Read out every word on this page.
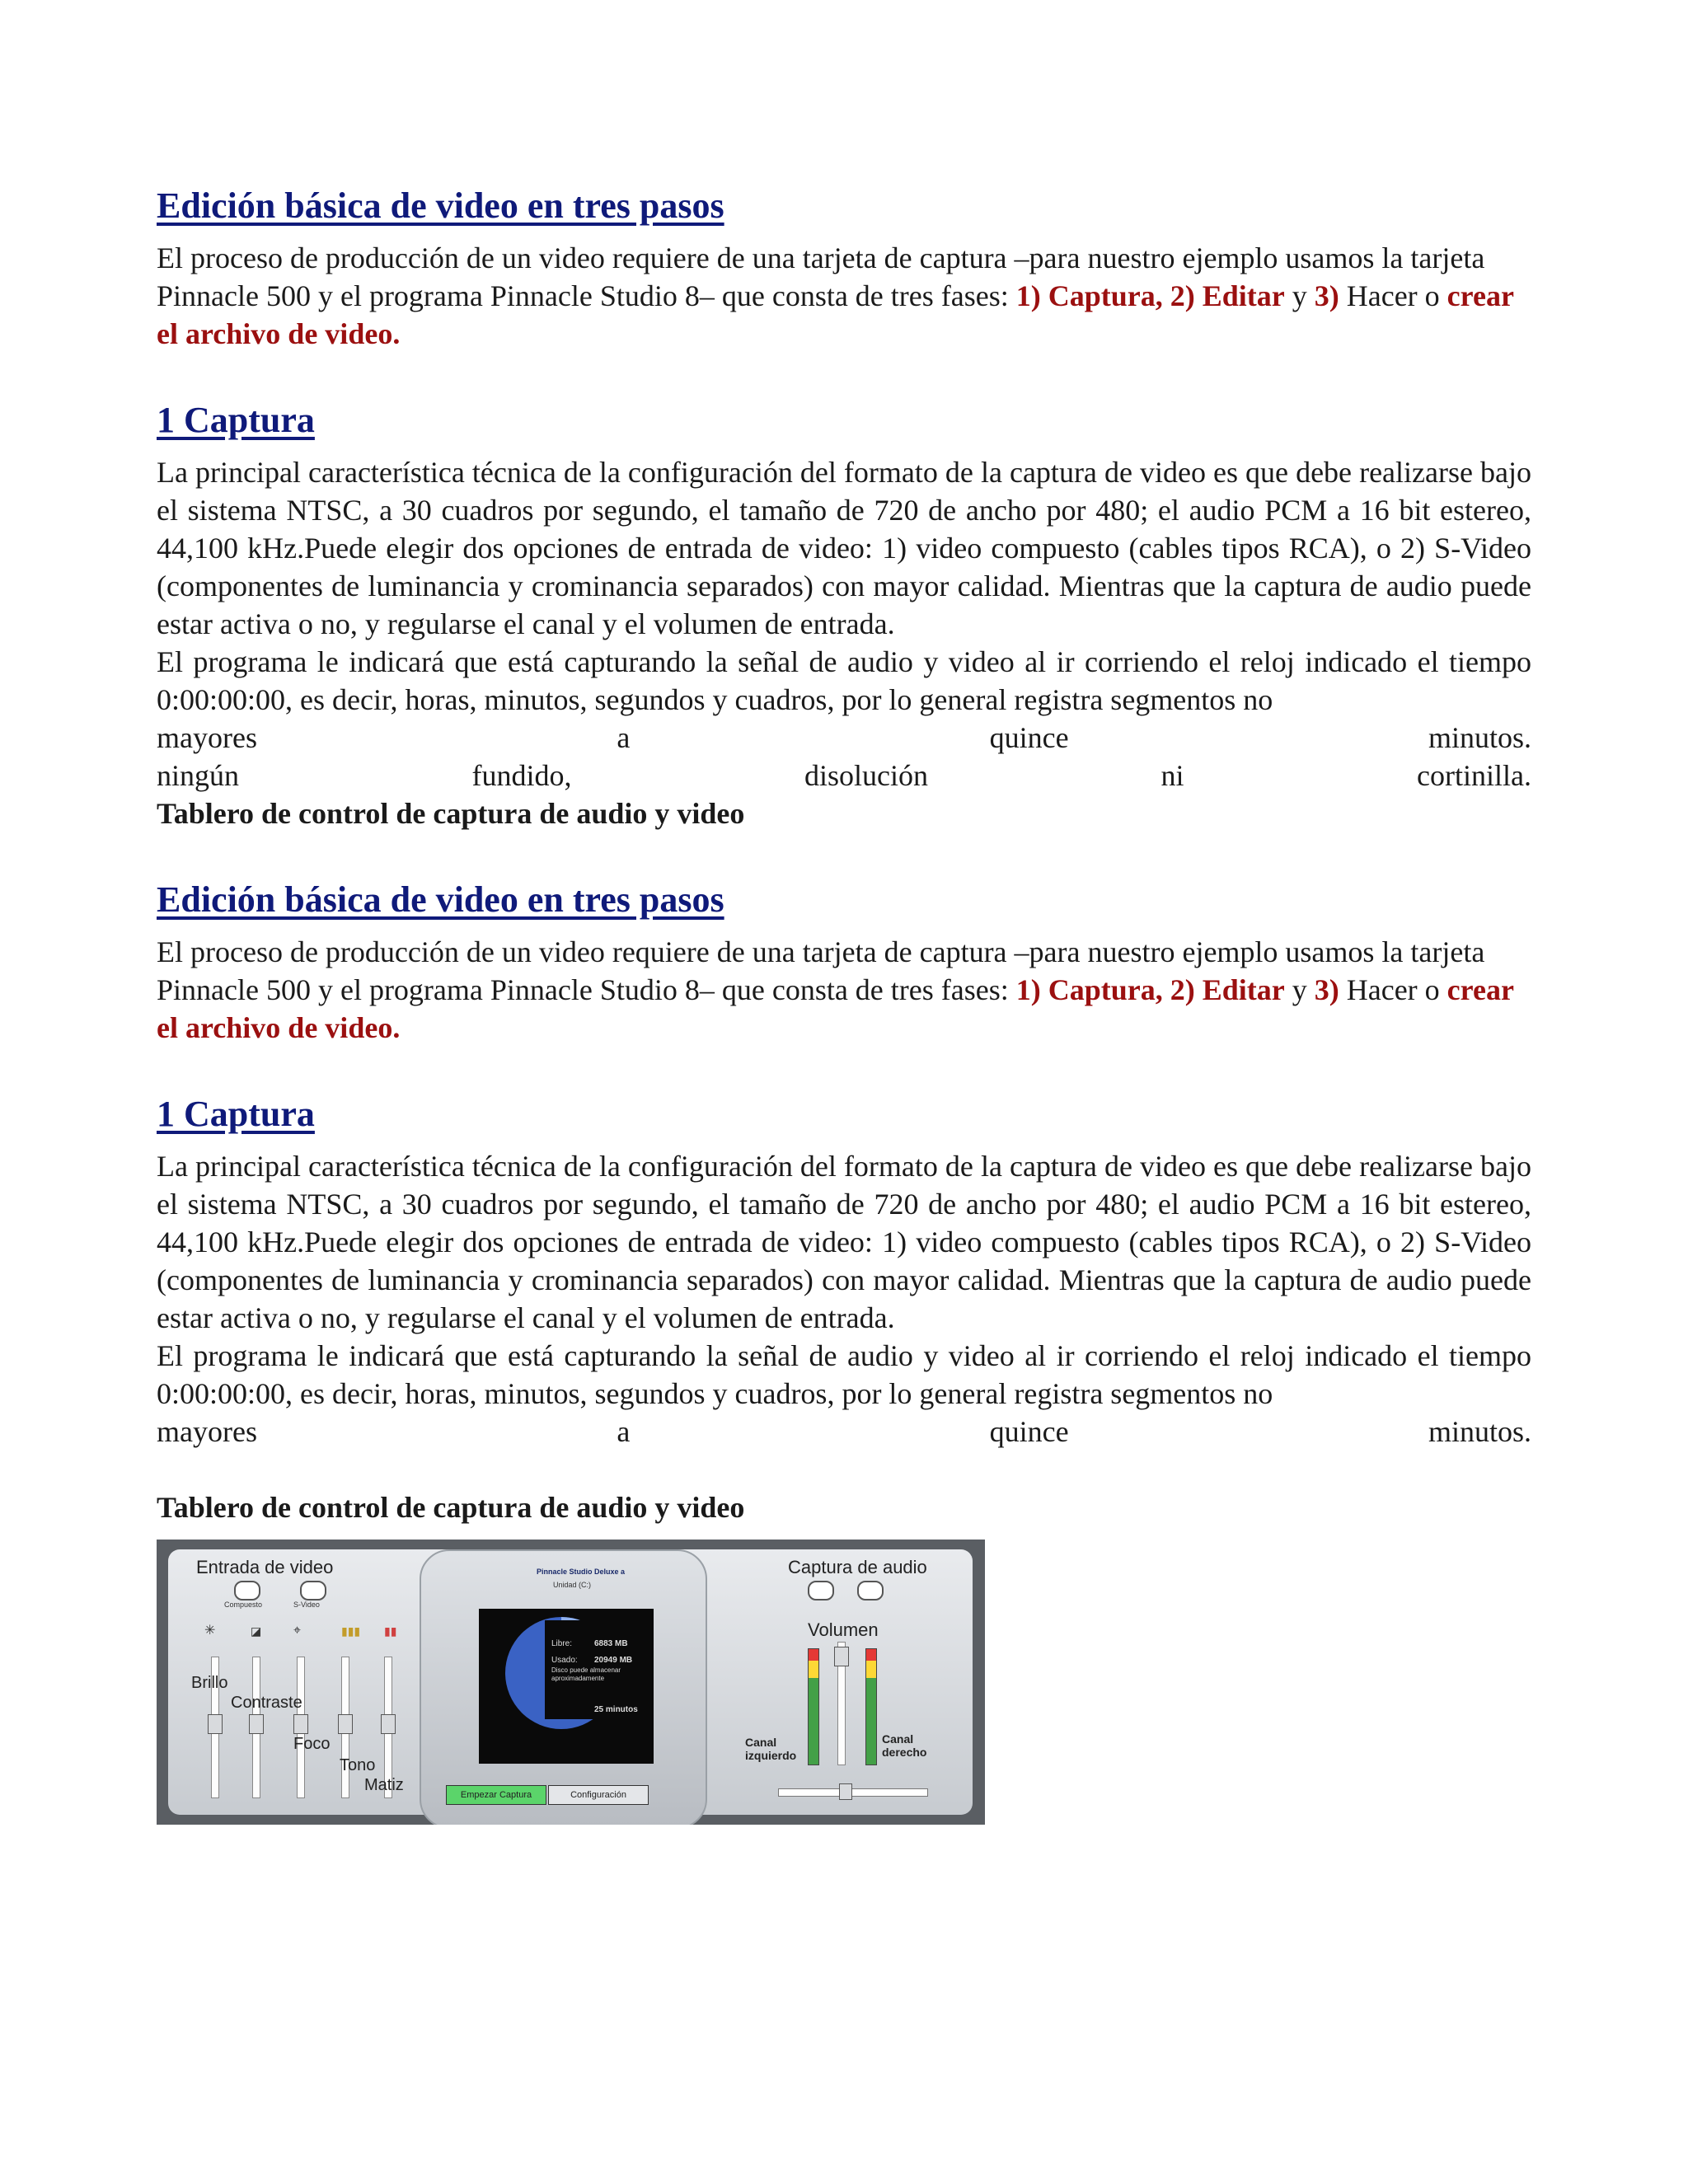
Edición básica de video en tres pasos

El proceso de producción de un video requiere de una tarjeta de captura –para nuestro ejemplo usamos la tarjeta Pinnacle 500 y el programa Pinnacle Studio 8– que consta de tres fases: 1) Captura, 2) Editar y 3) Hacer o crear el archivo de video.

1 Captura

La principal característica técnica de la configuración del formato de la captura de video es que debe realizarse bajo el sistema NTSC, a 30 cuadros por segundo, el tamaño de 720 de ancho por 480; el audio PCM a 16 bit estereo, 44,100 kHz.Puede elegir dos opciones de entrada de video: 1) video compuesto (cables tipos RCA), o 2) S-Video (componentes de luminancia y crominancia separados) con mayor calidad. Mientras que la captura de audio puede estar activa o no, y regularse el canal y el volumen de entrada.

El programa le indicará que está capturando la señal de audio y video al ir corriendo el reloj indicado el tiempo 0:00:00:00, es decir, horas, minutos, segundos y cuadros, por lo general registra segmentos no

mayores	a	quince	minutos.
ningún	fundido,	disolución	ni	cortinilla.

Tablero de control de captura de audio y video

Edición básica de video en tres pasos

El proceso de producción de un video requiere de una tarjeta de captura –para nuestro ejemplo usamos la tarjeta Pinnacle 500 y el programa Pinnacle Studio 8– que consta de tres fases: 1) Captura, 2) Editar y 3) Hacer o crear el archivo de video.

1 Captura

La principal característica técnica de la configuración del formato de la captura de video es que debe realizarse bajo el sistema NTSC, a 30 cuadros por segundo, el tamaño de 720 de ancho por 480; el audio PCM a 16 bit estereo, 44,100 kHz.Puede elegir dos opciones de entrada de video: 1) video compuesto (cables tipos RCA), o 2) S-Video (componentes de luminancia y crominancia separados) con mayor calidad. Mientras que la captura de audio puede estar activa o no, y regularse el canal y el volumen de entrada.

El programa le indicará que está capturando la señal de audio y video al ir corriendo el reloj indicado el tiempo 0:00:00:00, es decir, horas, minutos, segundos y cuadros, por lo general registra segmentos no

mayores	a	quince	minutos.

Tablero de control de captura de audio y video

Entrada de video
Compuesto	S-Video
✳	◪ ⌖	▮▮▮ ▮▮
Brillo
Contraste
Foco
Tono
Matiz
Pinnacle Studio Deluxe a
Unidad (C:)
Libre:	6883 MB
Usado: 20949 MB
Disco puede almacenar aproximadamente
25 minutos
Empezar Captura	Configuración
Captura de audio
Volumen
Canal izquierdo
Canal derecho
